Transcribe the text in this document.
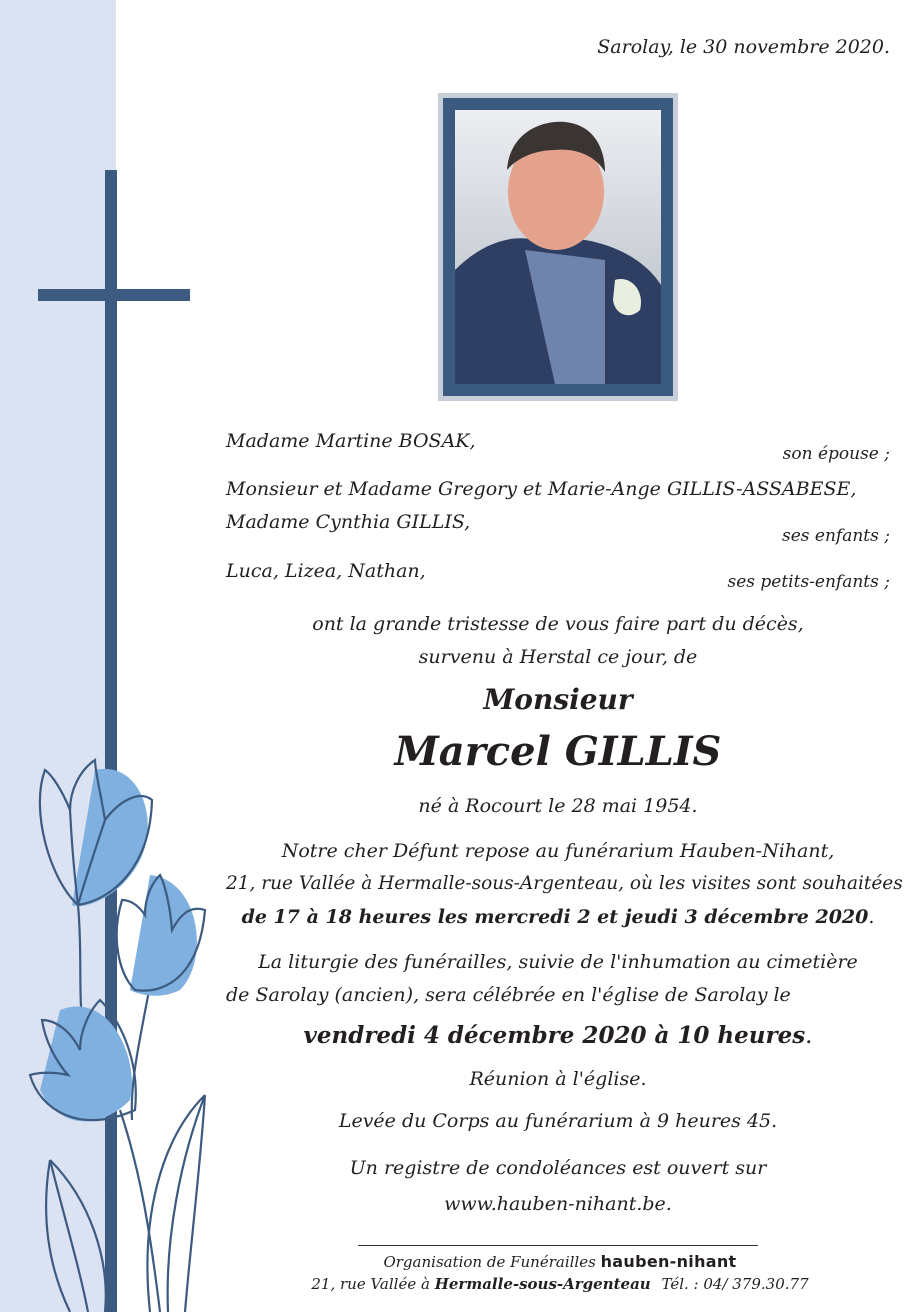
Sarolay, le 30 novembre 2020.
Madame Martine BOSAK,
son épouse ;
Monsieur et Madame Gregory et Marie-Ange GILLIS-ASSABESE,
Madame Cynthia GILLIS,
ses enfants ;
Luca, Lizea, Nathan,	ses petits-enfants ;
ont la grande tristesse de vous faire part du décès,
survenu à Herstal ce jour, de
Monsieur
Marcel GILLIS
né à Rocourt le 28 mai 1954.
Notre cher Défunt repose au funérarium Hauben-Nihant,
21, rue Vallée à Hermalle-sous-Argenteau, où les visites sont souhaitées
de 17 à 18 heures les mercredi 2 et jeudi 3 décembre 2020.
La liturgie des funérailles, suivie de l'inhumation au cimetière
de Sarolay (ancien), sera célébrée en l'église de Sarolay le
vendredi 4 décembre 2020 à 10 heures.
Réunion à l'église.
Levée du Corps au funérarium à 9 heures 45.
Un registre de condoléances est ouvert sur
www.hauben-nihant.be.
Organisation de Funérailles hauben-nihant
21, rue Vallée à Hermalle-sous-Argenteau Tél. : 04/ 379.30.77
